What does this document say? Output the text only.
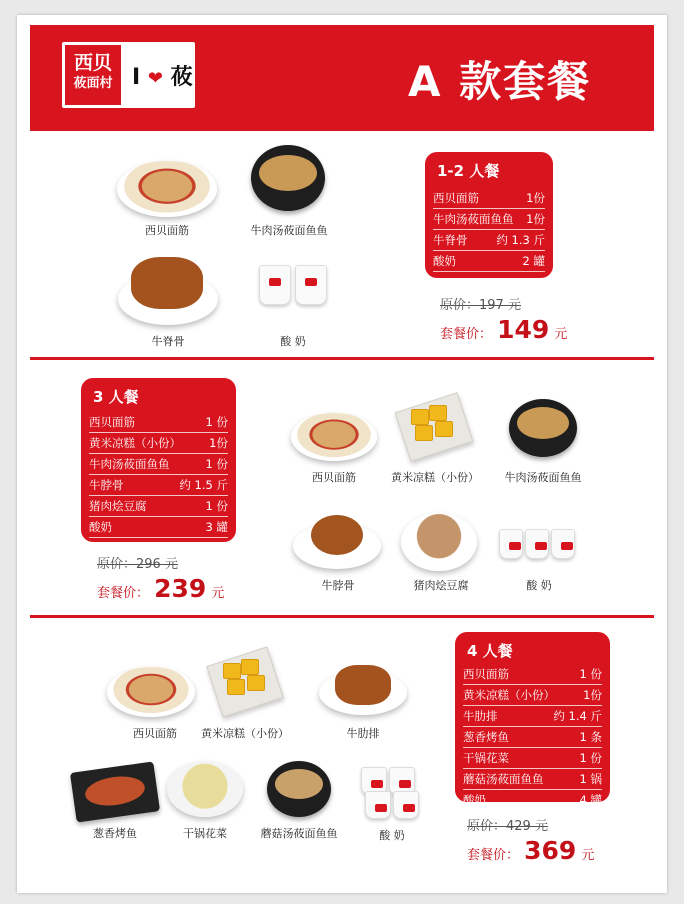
西贝
莜面村 I ❤ 莜	A 款套餐
西贝面筋	牛肉汤莜面鱼鱼
牛脊骨	酸 奶
1-2 人餐
西贝面筋	1份
牛肉汤莜面鱼鱼 1份
牛脊骨	约 1.3 斤
酸奶	2 罐
原价：197 元
套餐价： 149 元
3 人餐
西贝面筋	1 份
黄米凉糕（小份） 1份
牛肉汤莜面鱼鱼	1 份
牛脖骨	约 1.5 斤
猪肉烩豆腐	1 份
酸奶	3 罐
原价：296 元
套餐价： 239 元
西贝面筋	黄米凉糕（小份）	牛肉汤莜面鱼鱼
牛脖骨	猪肉烩豆腐	酸 奶
西贝面筋	黄米凉糕（小份）	牛肋排
葱香烤鱼	干锅花菜	蘑菇汤莜面鱼鱼	酸 奶
4 人餐
西贝面筋	1 份
黄米凉糕（小份） 1份
牛肋排	约 1.4 斤
葱香烤鱼	1 条
干锅花菜	1 份
蘑菇汤莜面鱼鱼	1 锅
酸奶	4 罐
原价：429 元
套餐价： 369 元
